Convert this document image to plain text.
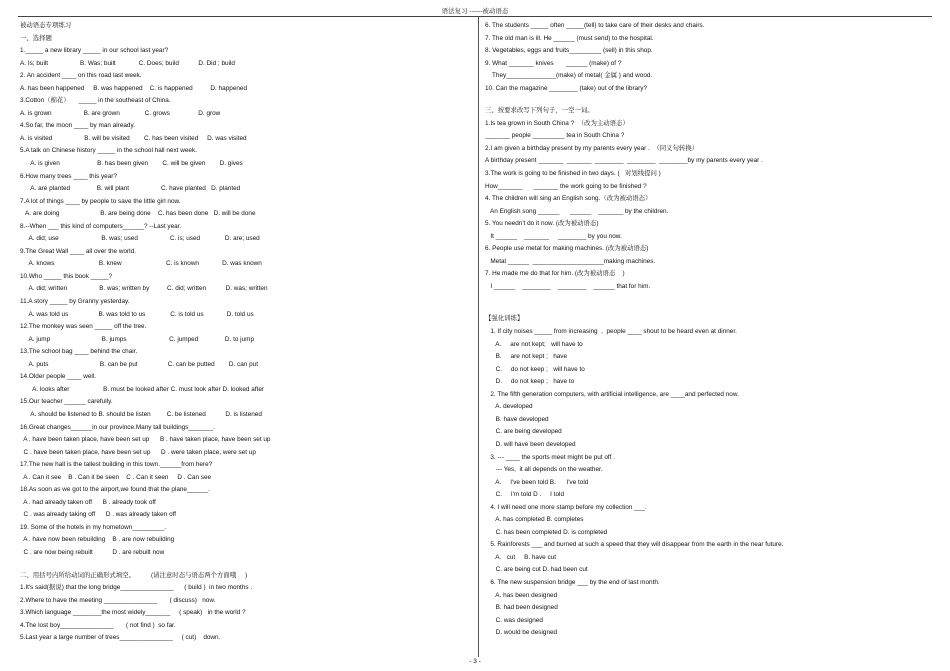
语法复习 ------被动语态
被动语态专项练习
一、选择题
1._____ a new library _____ in our school last year?
A. Is; built                  B. Was; built             C. Does; build           D. Did ; build
2. An accident ____ on this road last week.
A. has been happened     B. was happened    C. is happened          D. happened
3.Cotton（棉花）     _____ in the southeast of China.
A. is grown                  B. are grown              C. grows                D. grow
4.So far, the moon ____ by man already.
A. is visited                  B. will be visited        C. has been visited     D. was visited
5.A talk on Chinese history _____ in the school hall next week.
A. is given                     B. has been given        C. will be given        D. gives
6.How many trees ____ this year?
A. are planted               B. will plant                  C. have planted   D. planted
7.A lot of things ____ by people to save the little girl now.
A. are doing                       B. are being done    C. has been done   D. will be done
8.--When ___ this kind of computers______? --Last year.
A. did; use                        B. was; used                  C. is; used              D. are; used
9.The Great Wall ____ all over the world.
A. knows                         B. knew                         C. is known             D. was known
10.Who _____ this book _____?
A. did; written                  B. was; written by          C. did; written           D. was; written
11.A story _____ by Granny yesterday.
A. was told us                 B. was told to us              C. is told us             D. told us
12.The monkey was seen _____ off the tree.
A. jump                             B. jumps                        C. jumped               D. to jump
13.The school bag ____ behind the chair.
A. puts                             B. can be put                 C. can be putted        D. can put
14.Older people ____ well.
A. looks after                   B. must be looked after C. must look after D. looked after
15.Our teacher ______ carefully.
A. should be listened to B. should be listen         C. be listened           D. is listened
16.Great changes______in our province.Many tall buildings_______.
A . have been taken place, have been set up      B . have taken place, have been set up
C . have been taken place, have been set up      D . were taken place, were set up
17.The new hall is the tallest building in this town.______from here?
A . Can it see    B . Can it be seen    C . Can it seen     D . Can see
18.As soon as we got to the airport,we found that the plane______.
A . had already taken off      B . already took off
C . was already taking off      D . was already taken off
19. Some of the hotels in my hometown_________.
A . have now been rebuilding    B . are now rebuilding
C . are now being rebuilt           D . are rebuilt now
二、用括号内所给动词的正确形式填空。         (请注意时态与语态两个方面哦     )
1.It's said(据说) that the long bridge_______________      ( build )  in two months .
2.Where to have the meeting _______________       ( discuss)   now.
3.Which language ________the most widely_______     ( speak)   in the world ?
4.The lost boy_______________       ( not find )  so far.
5.Last year a large number of trees_______________     ( cut)    down.
6. The students _____ often _____(tell) to take care of their desks and chairs.
7. The old man is ill. He ______ (must send) to the hospital.
8. Vegetables, eggs and fruits_________ (sell) in this shop.
9. What _______ knives       ______ (make) of ?
They______________(make) of metal( 金属 ) and wood.
10. Can the magazine ________ (take) out of the library?
三、按要求改写下列句子，一空一词。
1.Is tea grown in South China ?  （改为主动语态）
_______ people _________ tea in South China ?
2.I am given a birthday present by my parents every year .  （同义句转换）
A birthday present _______  _______  ________  ________  ________by my parents every year .
3.The work is going to be finished in two days. (   对划线提问 )
How_______      _______ the work going to be finished ?
4. The children will sing an English song.（改为被动语态）
An English song ______      ______    _______ by the children.
5. You needn't do it now. (改为被动语态)
It ______    _______     ________ by you now.
6. People use metal for making machines. (改为被动语态)
Metal ______  ____________________making machines.
7. He made me do that for him. (改为被动语态    )
I ______    ________    ________    ______ that for him.
【强化训练】
1. If city noises _____ from increasing  ,  people ____ shout to be heard even at dinner.
A.     are not kept;   will have to
B.     are not kept ;   have
C.     do not keep ;   will have to
D.     do not keep ;   have to
2. The fifth generation computers, with artificial intelligence, are ____and perfected now.
A. developed
B. have developed
C. are being developed
D. will have been developed
3. --- ____ the sports meet might be put off .
--- Yes,  it all depends on the weather.
A.     I've been told B.      I've told
C.     I'm told D .     I told
4. I will need one more stamp before my collection ___.
A. has completed B. completes
C. has been completed D. is completed
5. Rainforests ___ and burned at such a speed that they will disappear from the earth in the near future.
A.   cut     B. have cut
C. are being cut D. had been cut
6. The new suspension bridge ___ by the end of last month.
A. has been designed
B. had been designed
C. was designed
D. would be designed
- 3 -
